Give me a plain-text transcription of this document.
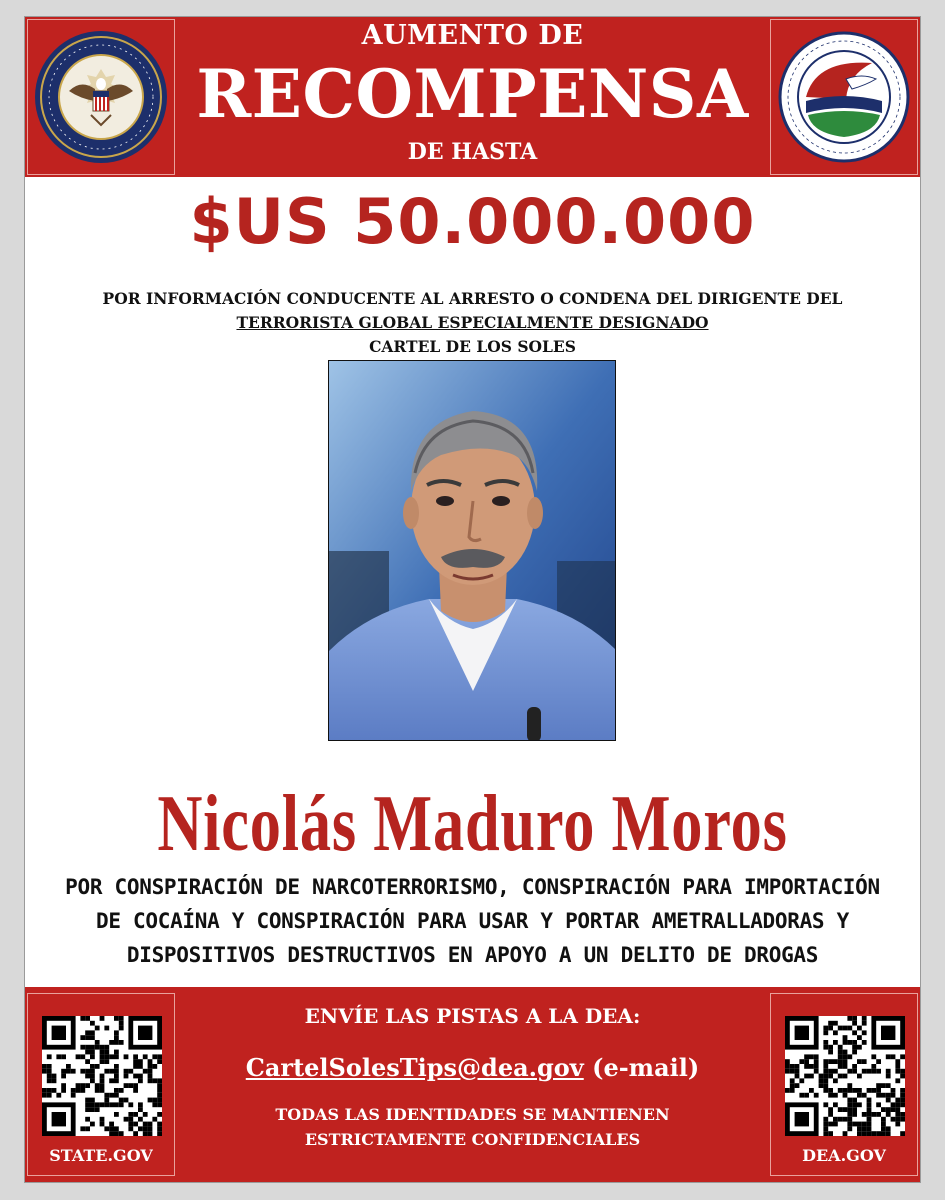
AUMENTO DE
RECOMPENSA
DE HASTA
$US 50.000.000
POR INFORMACIÓN CONDUCENTE AL ARRESTO O CONDENA DEL DIRIGENTE DEL
TERRORISTA GLOBAL ESPECIALMENTE DESIGNADO
CARTEL DE LOS SOLES
Nicolás Maduro Moros
POR CONSPIRACIÓN DE NARCOTERRORISMO, CONSPIRACIÓN PARA IMPORTACIÓN
DE COCAÍNA Y CONSPIRACIÓN PARA USAR Y PORTAR AMETRALLADORAS Y
DISPOSITIVOS DESTRUCTIVOS EN APOYO A UN DELITO DE DROGAS
STATE.GOV
ENVÍE LAS PISTAS A LA DEA:
CartelSolesTips@dea.gov (e-mail)
TODAS LAS IDENTIDADES SE MANTIENEN
ESTRICTAMENTE CONFIDENCIALES
DEA.GOV
